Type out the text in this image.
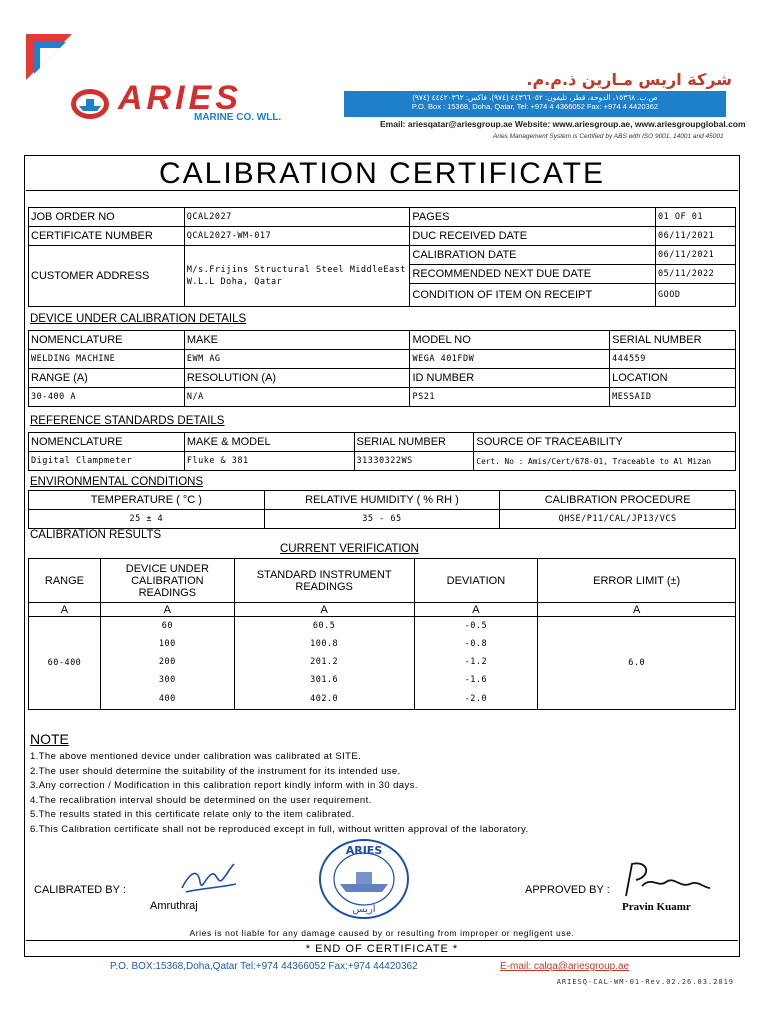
ARIES
MARINE CO. WLL.
شركة اريس مـارين ذ.م.م.
ص.ب. ١٥٣٦٨، الدوحة، قطر، تليفون: ٤٤٣٦٦٠٥٢ (٩٧٤)، فاكس: ٤٤٤٢٠٣٦٢ (٩٧٤)
P.O. Box : 15368, Doha, Qatar, Tel: +974 4 4366052 Fax: +974 4 4420362
Email: ariesqatar@ariesgroup.ae Website: www.ariesgroup.ae, www.ariesgroupglobal.com
Aries Management System is Certified by ABS with ISO 9001, 14001 and 45001
CALIBRATION CERTIFICATE
JOB ORDER NO	QCAL2027	PAGES	01 OF 01
CERTIFICATE NUMBER	QCAL2027-WM-017	DUC RECEIVED DATE	06/11/2021
CUSTOMER ADDRESS	M/s.Frijins Structural Steel MiddleEast W.L.L Doha, Qatar	CALIBRATION DATE	06/11/2021
		RECOMMENDED NEXT DUE DATE	05/11/2022
		CONDITION OF ITEM ON RECEIPT	GOOD
DEVICE UNDER CALIBRATION DETAILS
NOMENCLATURE	MAKE	MODEL NO	SERIAL NUMBER
WELDING MACHINE	EWM AG	WEGA 401FDW	444559
RANGE (A)	RESOLUTION (A)	ID NUMBER	LOCATION
30-400 A	N/A	PS21	MESSAID
REFERENCE STANDARDS DETAILS
NOMENCLATURE	MAKE & MODEL	SERIAL NUMBER	SOURCE OF TRACEABILITY
Digital Clampmeter	Fluke & 381	31330322WS	Cert. No : Amis/Cert/678-01, Traceable to Al Mizan
ENVIRONMENTAL CONDITIONS
TEMPERATURE ( °C )	RELATIVE HUMIDITY ( % RH )	CALIBRATION PROCEDURE
25 ± 4	35 - 65	QHSE/P11/CAL/JP13/VCS
CALIBRATION RESULTS
CURRENT VERIFICATION
RANGE	DEVICE UNDER CALIBRATION READINGS	STANDARD INSTRUMENT READINGS	DEVIATION	ERROR LIMIT (±)
A	A	A	A	A
60-400	60	60.5	-0.5	6.0
	100	100.8	-0.8	
	200	201.2	-1.2	
	300	301.6	-1.6	
	400	402.0	-2.0	
NOTE
1.The above mentioned device under calibration was calibrated at SITE.
2.The user should determine the suitability of the instrument for its intended use.
3.Any correction / Modification in this calibration report kindly inform with in 30 days.
4.The recalibration interval should be determined on the user requirement.
5.The results stated in this certificate relate only to the item calibrated.
6.This Calibration certificate shall not be reproduced except in full, without written approval of the laboratory.
CALIBRATED BY :
Amruthraj
ARIES
اريس
APPROVED BY :
Pravin Kuamr
Aries is not liable for any damage caused by or resulting from improper or negligent use.
* END OF CERTIFICATE *
P.O. BOX:15368,Doha,Qatar Tel:+974 44366052 Fax:+974 44420362	E-mail: calqa@ariesgroup.ae
ARIESQ-CAL-WM-01-Rev.02.26.03.2019
